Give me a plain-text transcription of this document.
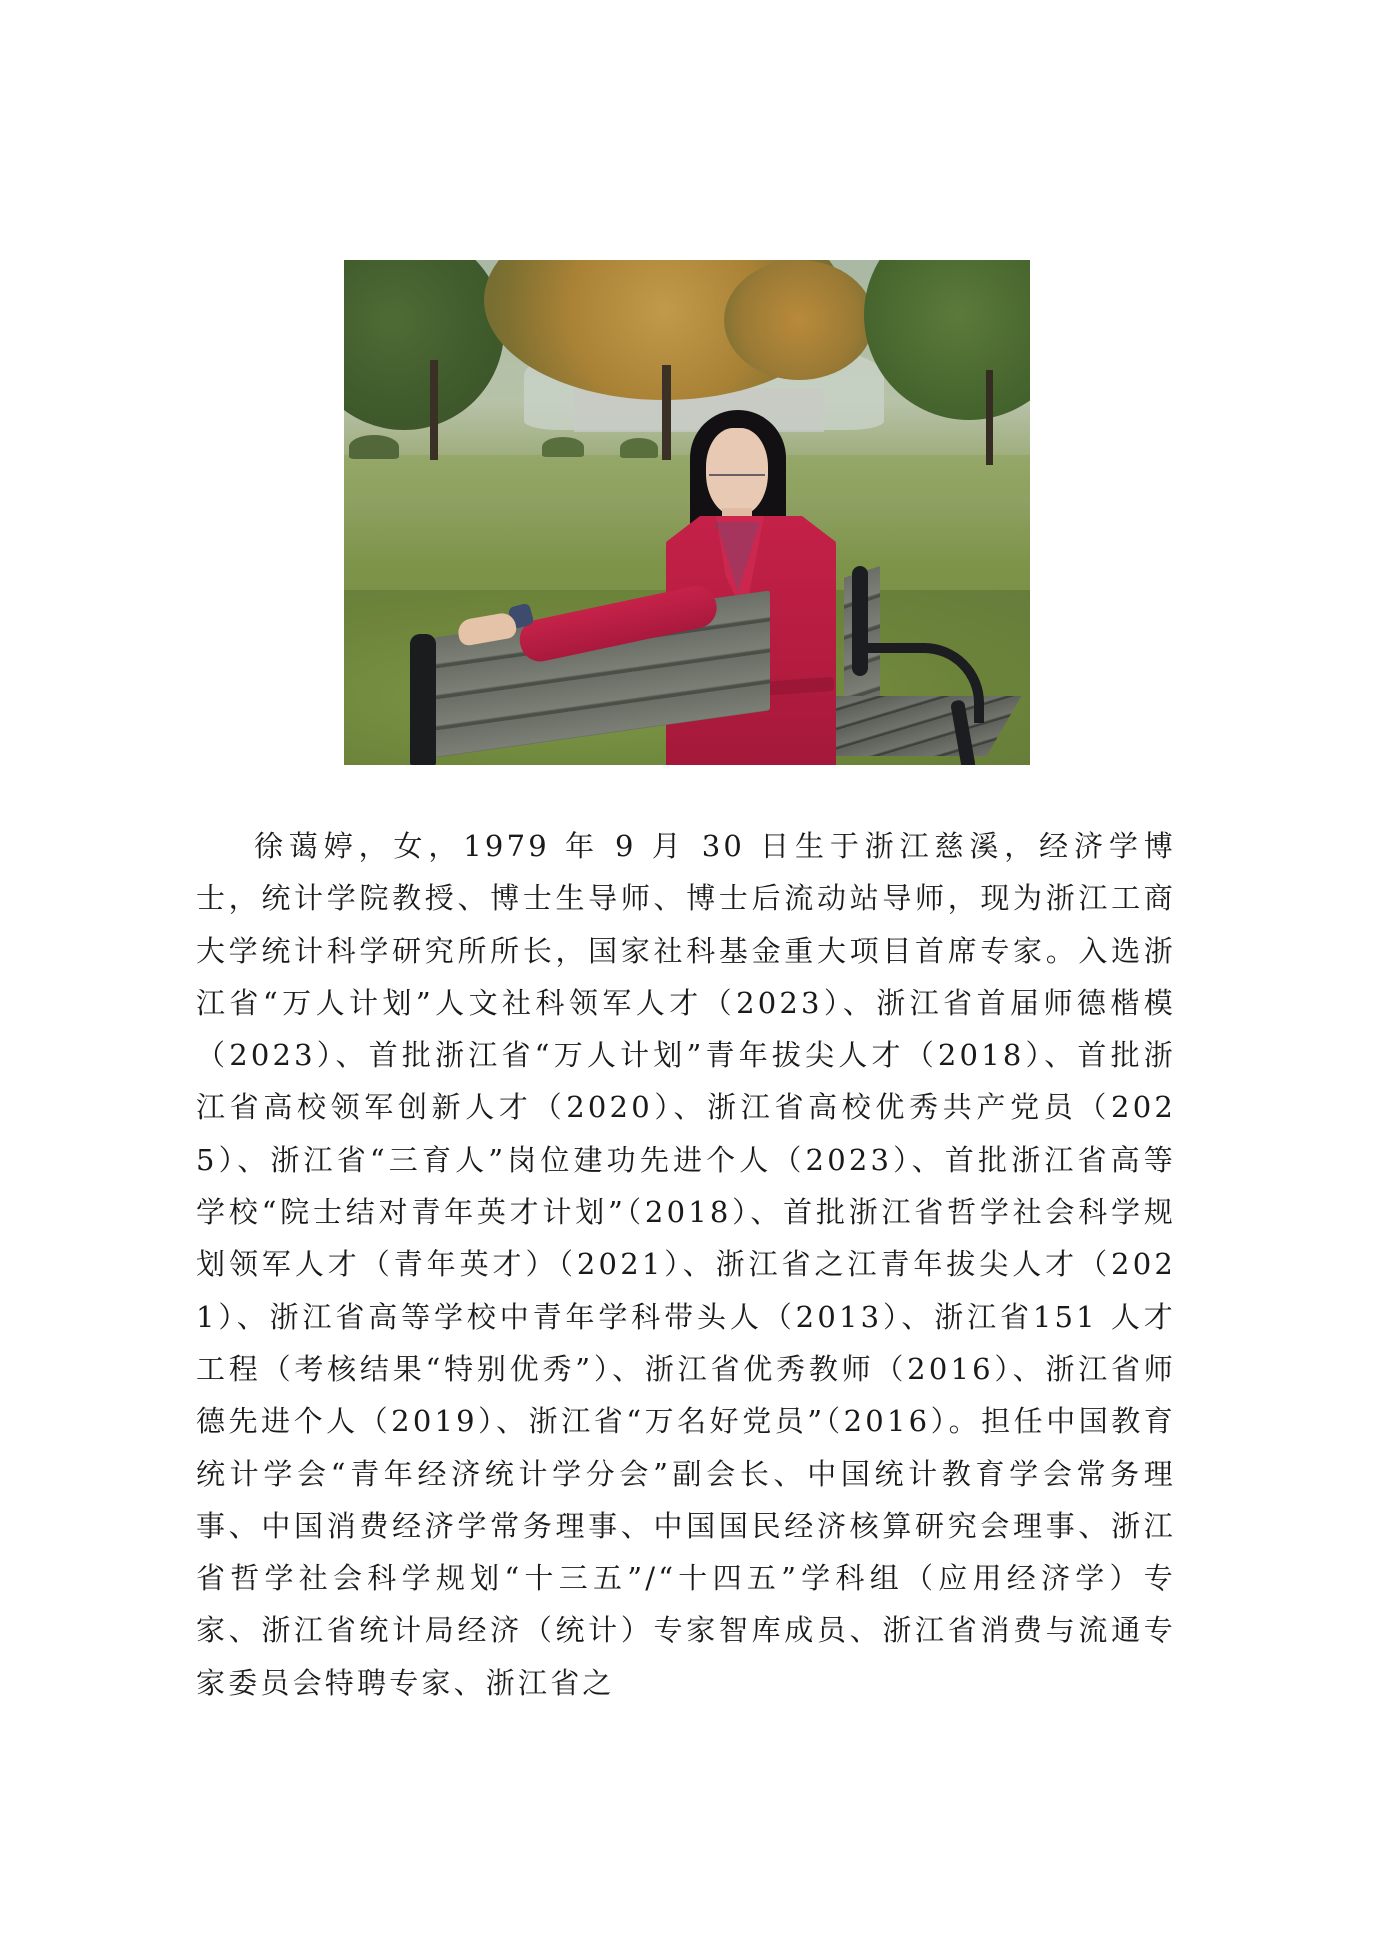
徐蔼婷，女，1979 年 9 月 30 日生于浙江慈溪，经济学博士，统计学院教授、博士生导师、博士后流动站导师，现为浙江工商大学统计科学研究所所长，国家社科基金重大项目首席专家。入选浙江省“万人计划”人文社科领军人才（2023）、浙江省首届师德楷模（2023）、首批浙江省“万人计划”青年拔尖人才（2018）、首批浙江省高校领军创新人才（2020）、浙江省高校优秀共产党员（2025）、浙江省“三育人”岗位建功先进个人（2023）、首批浙江省高等学校“院士结对青年英才计划”（2018）、首批浙江省哲学社会科学规划领军人才（青年英才）（2021）、浙江省之江青年拔尖人才（2021）、浙江省高等学校中青年学科带头人（2013）、浙江省151 人才工程（考核结果“特别优秀”）、浙江省优秀教师（2016）、浙江省师德先进个人（2019）、浙江省“万名好党员”（2016）。担任中国教育统计学会“青年经济统计学分会”副会长、中国统计教育学会常务理事、中国消费经济学常务理事、中国国民经济核算研究会理事、浙江省哲学社会科学规划“十三五”/“十四五”学科组（应用经济学）专家、浙江省统计局经济（统计）专家智库成员、浙江省消费与流通专家委员会特聘专家、浙江省之
